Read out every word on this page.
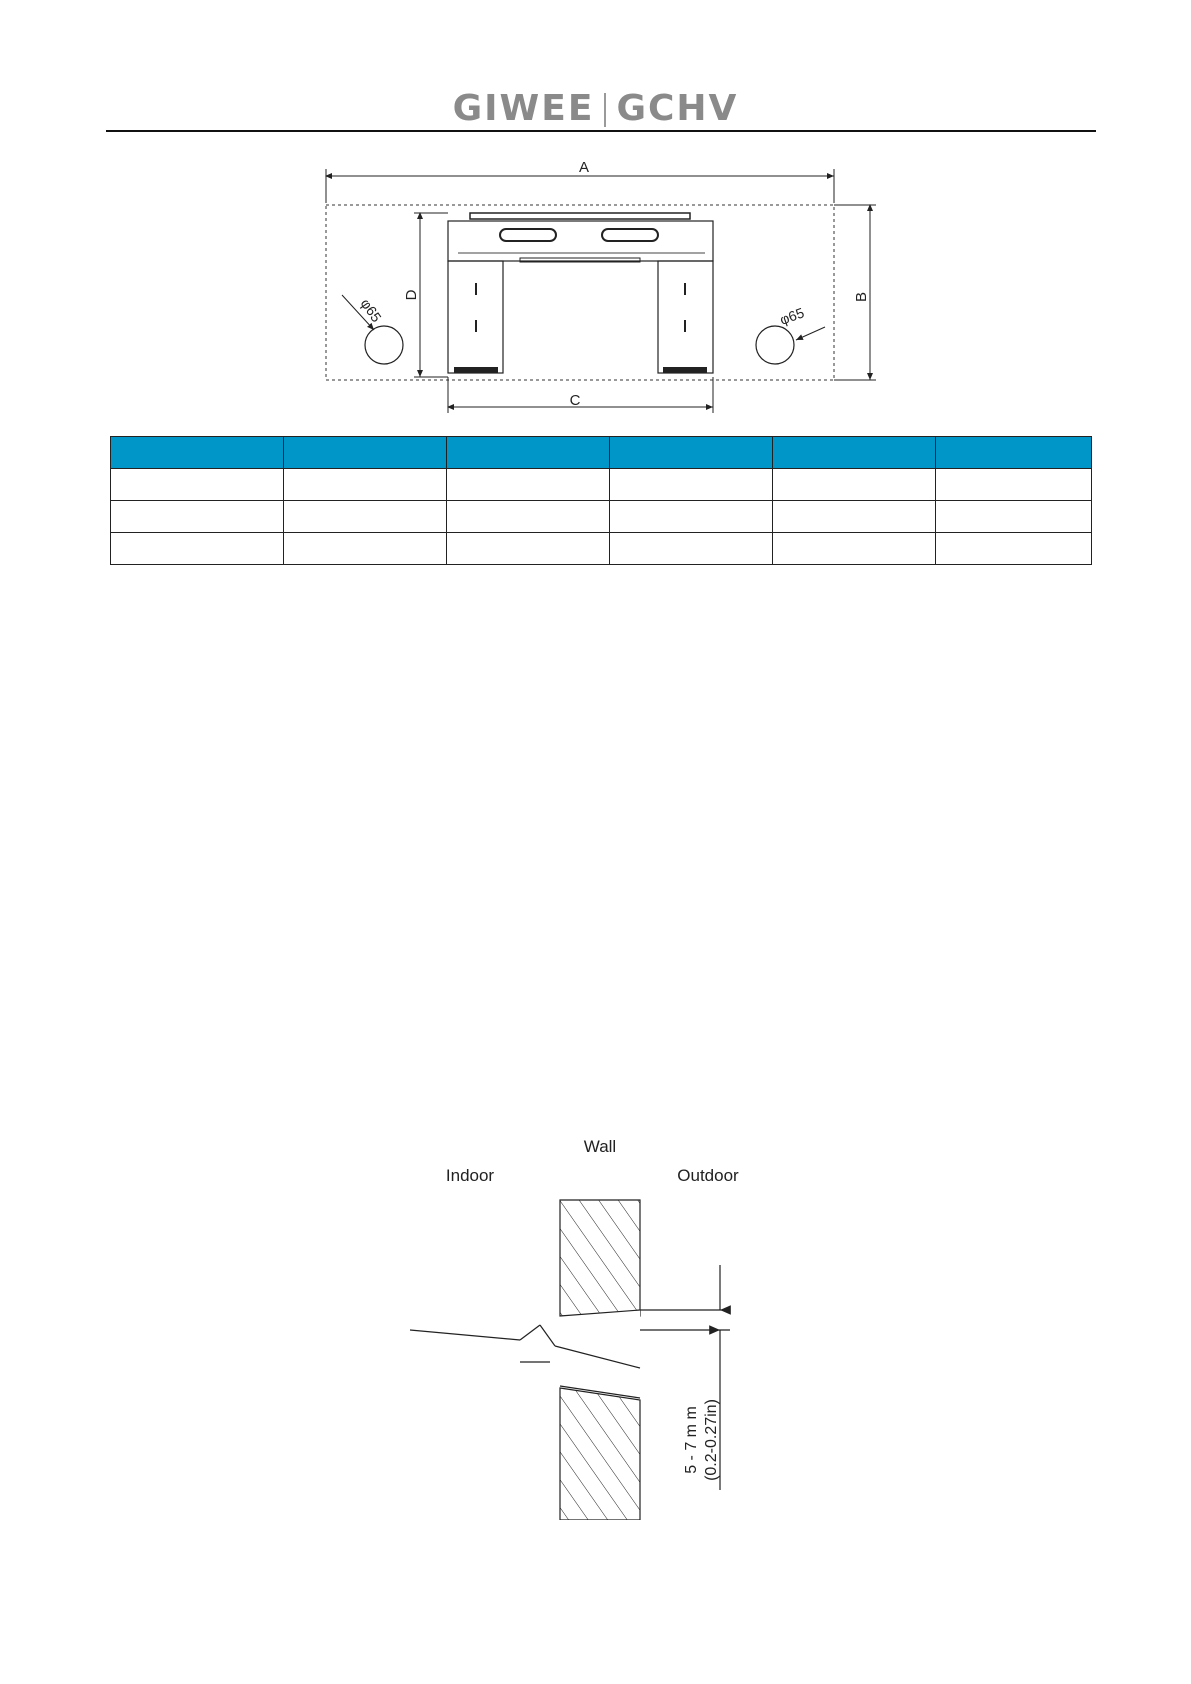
GIWEE GCHV
A
B
D
C
φ65	φ65

Wall
Indoor	Outdoor
5 - 7 m m (0.2-0.27in)
